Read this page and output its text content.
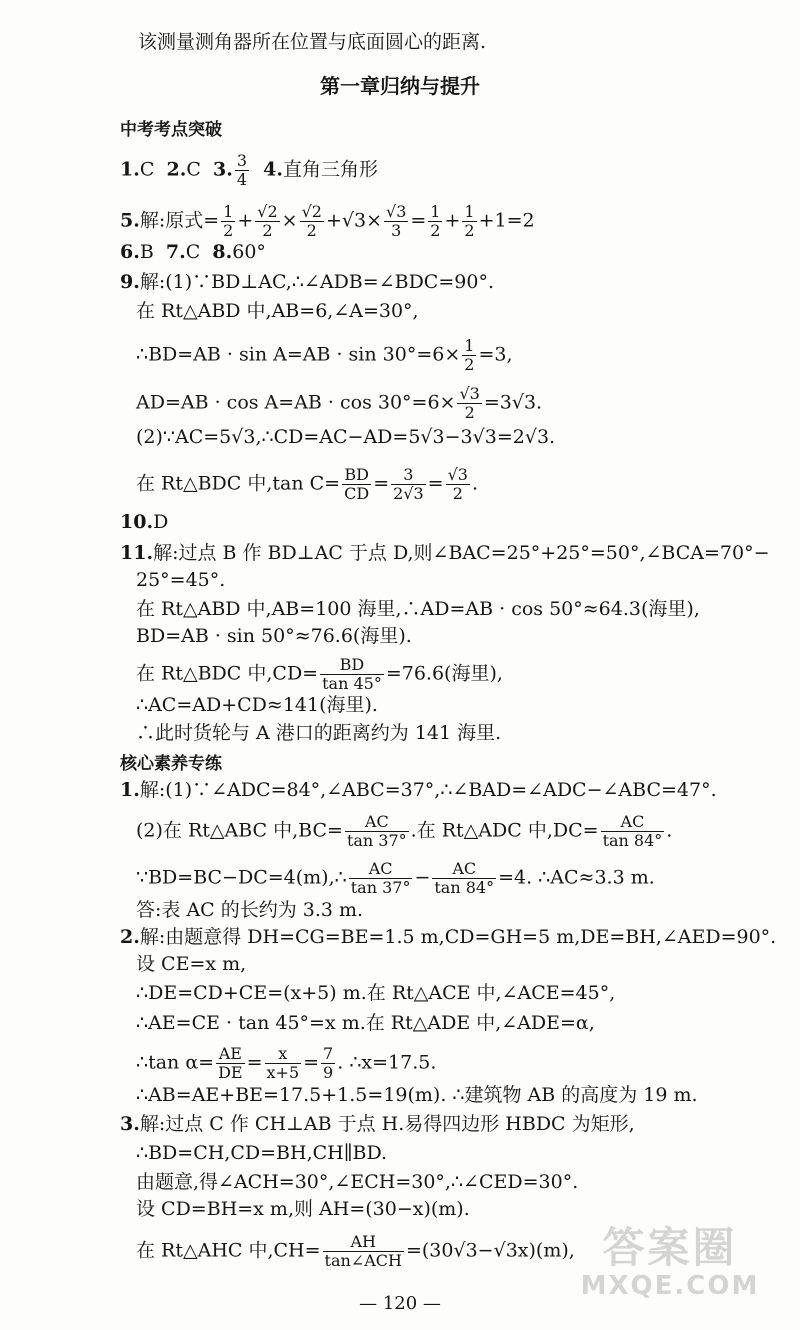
该测量测角器所在位置与底面圆心的距离.
第一章归纳与提升
中考考点突破
1.C 2.C 3. $\frac{3}{4} 4$.直角三角形
5.解:原式= $\frac{1}{2} + \frac{√2}{2} \times \frac{√2}{2} +√3\times \frac{√3}{3} = \frac{1}{2} + \frac{1}{2} +1=2$
6.B 7.C 8.60°
9.解:(1)∵BD⊥AC,∴∠ADB=∠BDC=90°.
在 Rt△ABD 中,AB=6,∠A=30°,
∴BD=AB · $\sin A=AB \cdot \sin 30^\circ=6\times \frac{1}{2} =3$,
$AD=AB \cdot \cos A=AB \cdot \cos 30^\circ=6\times \frac{√3}{2} =3√3$.
(2)∵AC=5√3,∴CD=AC−AD=5√3−3√3=2√3.
在 Rt△BDC 中,tan $C= \frac{BD}{CD} = \frac{3}{2√3} = \frac{√3}{2}$ .
10.D
11.解:过点 B 作 BD⊥AC 于点 D,则∠BAC=25°+25°=50°,∠BCA=70°−
25°=45°.
在 Rt△ABD 中,AB=100 海里,∴AD=AB · cos 50°≈64.3(海里),
BD=AB · sin 50°≈76.6(海里).
在 Rt△BDC 中$,CD= \frac{BD}{\tan 45^\circ} =76.6$(海里),
∴AC=AD+CD≈141(海里).
∴此时货轮与 A 港口的距离约为 141 海里.
核心素养专练
1.解:(1)∵∠ADC=84°,∠ABC=37°,∴∠BAD=∠ADC−∠ABC=47°.
(2)在 Rt△ABC 中$,BC= \frac{AC}{\tan 37^\circ}$ .在 Rt△ADC 中$,DC= \frac{AC}{\tan 84^\circ}$ .
∵BD=BC−DC=4(m),∴ $\frac{AC}{\tan 37^\circ} - \frac{AC}{\tan 84^\circ} =4$. ∴AC≈3.3 m.
答:表 AC 的长约为 3.3 m.
2.解:由题意得 DH=CG=BE=1.5 m,CD=GH=5 m,DE=BH,∠AED=90°.
设 CE=x m,
∴DE=CD+CE=(x+5) m.在 Rt△ACE 中,∠ACE=45°,
∴AE=CE · tan 45°=x m.在 Rt△ADE 中,∠ADE=α,
∴tan $\alpha= \frac{AE}{DE} = \frac{x}{x+5} = \frac{7}{9}$ . ∴x=17.5.
∴AB=AE+BE=17.5+1.5=19(m). ∴建筑物 AB 的高度为 19 m.
3.解:过点 C 作 CH⊥AB 于点 H.易得四边形 HBDC 为矩形,
∴BD=CH,CD=BH,CH∥BD.
由题意,得∠ACH=30°,∠ECH=30°,∴∠CED=30°.
设 CD=BH=x m,则 AH=(30−x)(m).
在 Rt△AHC 中$,CH= \frac{AH}{\text{tan∠ACH}} =(30√3-√3x)(m)$,
— 120 —
答案圈
MXQE.COM
